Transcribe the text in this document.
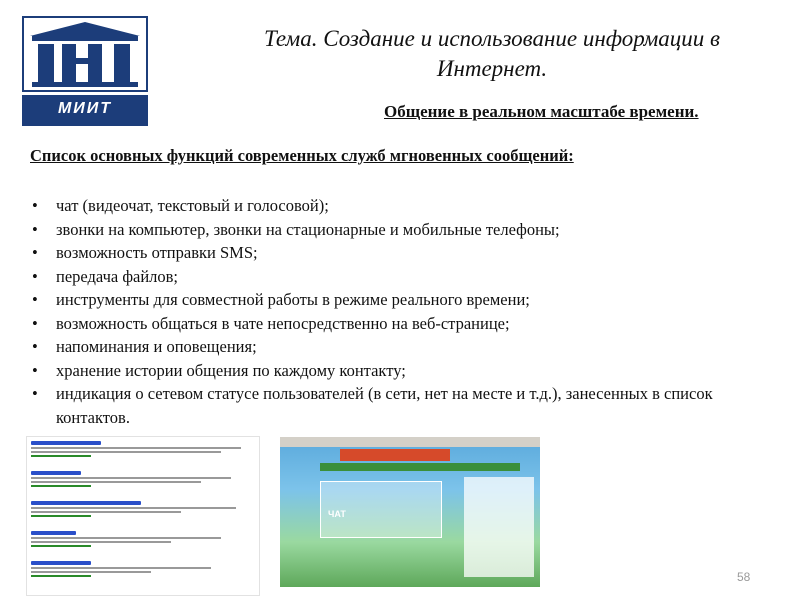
МИИТ
Тема. Создание и использование информации в Интернет.
Общение в реальном масштабе времени.
Список основных функций современных служб мгновенных сообщений:
• чат (видеочат, текстовый и голосовой);
• звонки на компьютер, звонки на стационарные и мобильные телефоны;
• возможность отправки SMS;
• передача файлов;
• инструменты для совместной работы в режиме реального времени;
• возможность общаться в чате непосредственно на веб-странице;
• напоминания и оповещения;
• хранение истории общения по каждому контакту;
• индикация о сетевом статусе пользователей (в сети, нет на месте и т.д.), занесенных в список контактов.
ЧАТ
58
